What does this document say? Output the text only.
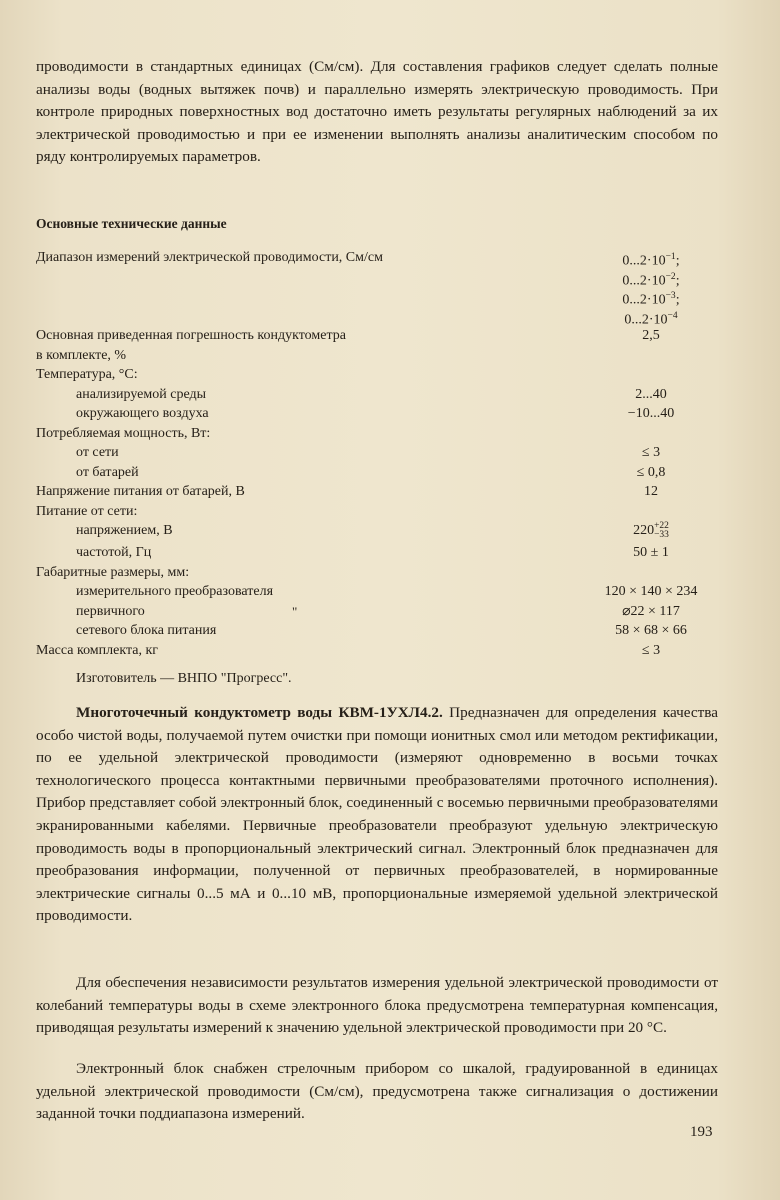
проводимости в стандартных единицах (См/см). Для составления графиков следует сделать полные анализы воды (водных вытяжек почв) и параллельно измерять электрическую проводимость. При контроле природных поверхностных вод достаточно иметь результаты регулярных наблюдений за их электрической проводимостью и при ее изменении выполнять анализы аналитическим способом по ряду контролируемых параметров.

Основные технические данные
Диапазон измерений электрической проводимости, См/см	$0...2\cdot 10^{-1}$;
$0...2\cdot 10^{-2}$;
$0...2\cdot 10^{-3}$;
$0...2\cdot 10^{-4}$
Основная приведенная погрешность кондуктометра	2,5
в комплекте, %
Температура, °С:
анализируемой среды	2...40
окружающего воздуха	−10...40
Потребляемая мощность, Вт:
от сети	≤ 3
от батарей	≤ 0,8
Напряжение питания от батарей, В	12
Питание от сети:
напряжением, В	220+22
−33
частотой, Гц	50 ± 1
Габаритные размеры, мм:
измерительного преобразователя	120 × 140 × 234
первичного	"	⌀22 × 117
сетевого блока питания	58 × 68 × 66
Масса комплекта, кг	≤ 3
Изготовитель — ВНПО "Прогресс".

Многоточечный кондуктометр воды КВМ-1УХЛ4.2. Предназначен для определения качества особо чистой воды, получаемой путем очистки при помощи ионитных смол или методом ректификации, по ее удельной электрической проводимости (измеряют одновременно в восьми точках технологического процесса контактными первичными преобразователями проточного исполнения). Прибор представляет собой электронный блок, соединенный с восемью первичными преобразователями экранированными кабелями. Первичные преобразователи преобразуют удельную электрическую проводимость воды в пропорциональный электрический сигнал. Электронный блок предназначен для преобразования информации, полученной от первичных преобразователей, в нормированные электрические сигналы 0...5 мА и 0...10 мВ, пропорциональные измеряемой удельной электрической проводимости.

Для обеспечения независимости результатов измерения удельной электрической проводимости от колебаний температуры воды в схеме электронного блока предусмотрена температурная компенсация, приводящая результаты измерений к значению удельной электрической проводимости при 20 °С.

Электронный блок снабжен стрелочным прибором со шкалой, градуированной в единицах удельной электрической проводимости (См/см), предусмотрена также сигнализация о достижении заданной точки поддиапазона измерений.

193
